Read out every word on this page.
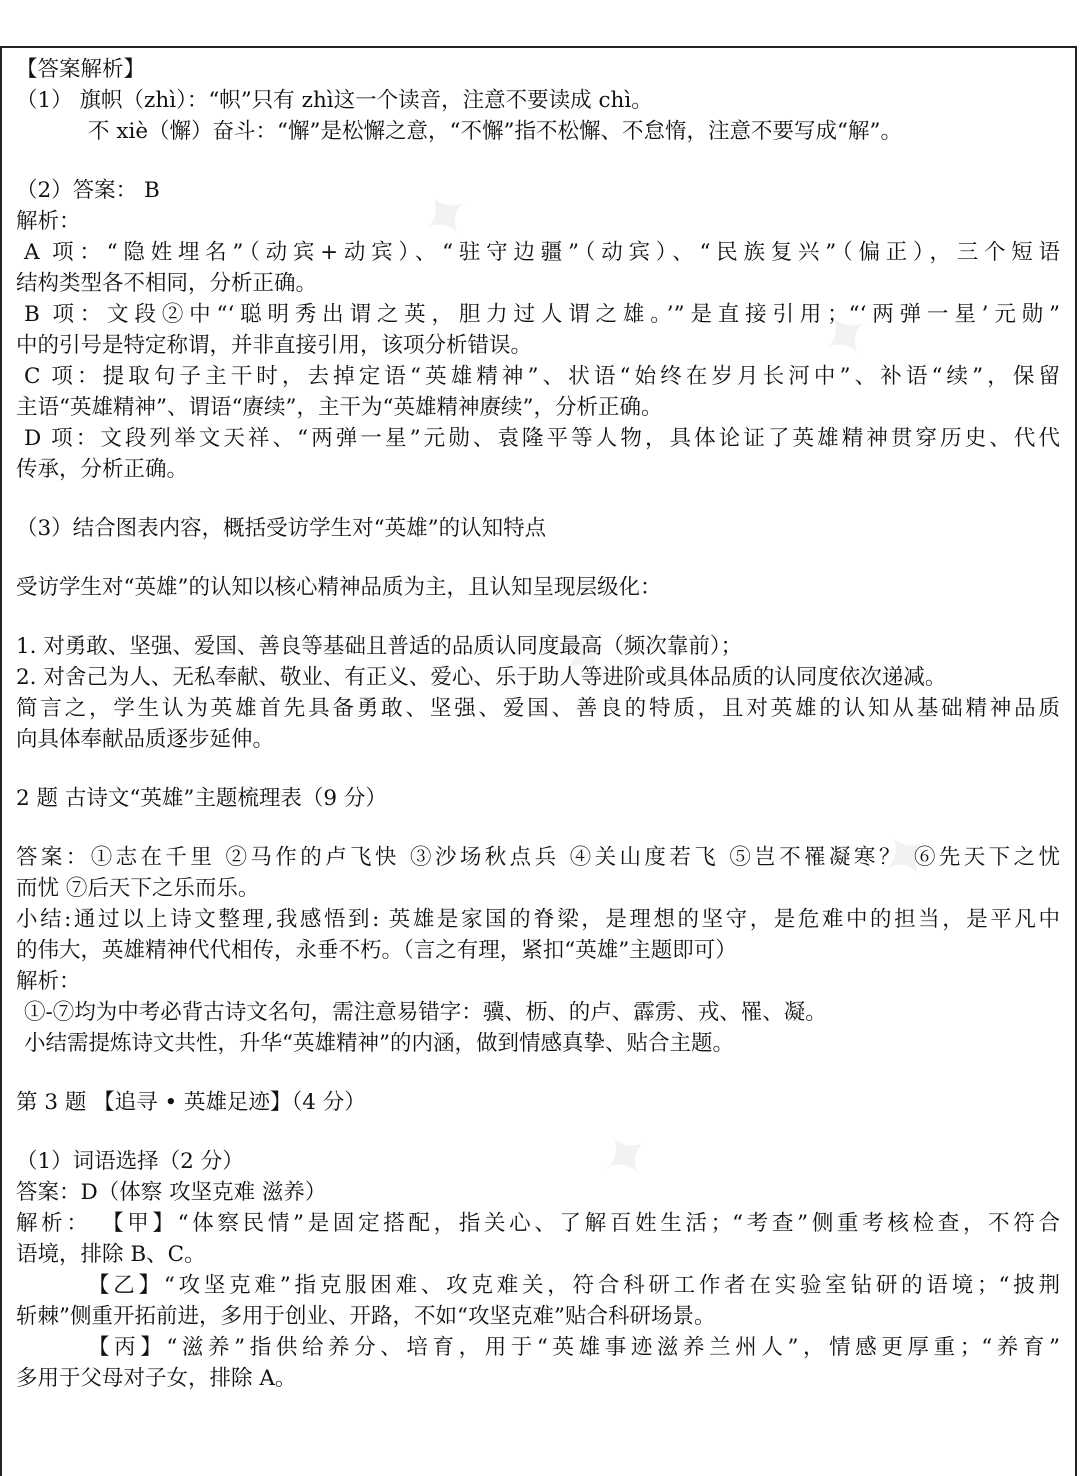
✦
✦
✦
✦
✦
【答案解析】
（1） 旗帜（zhì）：“帜”只有 zhì这一个读音，注意不要读成 chì。
不 xiè（懈）奋斗：“懈”是松懈之意，“不懈”指不松懈、不怠惰，注意不要写成“解”。
（2）答案： B
解析：
A 项：“隐姓埋名”（动宾+动宾）、“驻守边疆”（动宾）、“民族复兴”（偏正），三个短语
结构类型各不相同，分析正确。
B 项：文段②中“‘聪明秀出谓之英，胆力过人谓之雄。’”是直接引用；“‘两弹一星’元勋”
中的引号是特定称谓，并非直接引用，该项分析错误。
C 项：提取句子主干时，去掉定语“英雄精神”、状语“始终在岁月长河中”、补语“续”，保留
主语“英雄精神”、谓语“赓续”，主干为“英雄精神赓续”，分析正确。
D 项：文段列举文天祥、“两弹一星”元勋、袁隆平等人物，具体论证了英雄精神贯穿历史、代代
传承，分析正确。
（3）结合图表内容，概括受访学生对“英雄”的认知特点
受访学生对“英雄”的认知以核心精神品质为主，且认知呈现层级化：
1. 对勇敢、坚强、爱国、善良等基础且普适的品质认同度最高（频次靠前）；
2. 对舍己为人、无私奉献、敬业、有正义、爱心、乐于助人等进阶或具体品质的认同度依次递减。
简言之，学生认为英雄首先具备勇敢、坚强、爱国、善良的特质，且对英雄的认知从基础精神品质
向具体奉献品质逐步延伸。
2 题 古诗文“英雄”主题梳理表（9 分）
答案：①志在千里 ②马作的卢飞快 ③沙场秋点兵 ④关山度若飞 ⑤岂不罹凝寒？ ⑥先天下之忧
而忧 ⑦后天下之乐而乐。
小结:通过以上诗文整理,我感悟到: 英雄是家国的脊梁，是理想的坚守，是危难中的担当，是平凡中
的伟大，英雄精神代代相传，永垂不朽。（言之有理，紧扣“英雄”主题即可）
解析：
①-⑦均为中考必背古诗文名句，需注意易错字：骥、枥、的卢、霹雳、戎、罹、凝。
小结需提炼诗文共性，升华“英雄精神”的内涵，做到情感真挚、贴合主题。
第 3 题 【追寻 • 英雄足迹】（4 分）
（1）词语选择（2 分）
答案：D（体察 攻坚克难 滋养）
解析： 【甲】“体察民情”是固定搭配，指关心、了解百姓生活；“考查”侧重考核检查，不符合
语境，排除 B、C。
【乙】“攻坚克难”指克服困难、攻克难关，符合科研工作者在实验室钻研的语境；“披荆
斩棘”侧重开拓前进，多用于创业、开路，不如“攻坚克难”贴合科研场景。
【丙】“滋养”指供给养分、培育，用于“英雄事迹滋养兰州人”，情感更厚重；“养育”
多用于父母对子女，排除 A。
